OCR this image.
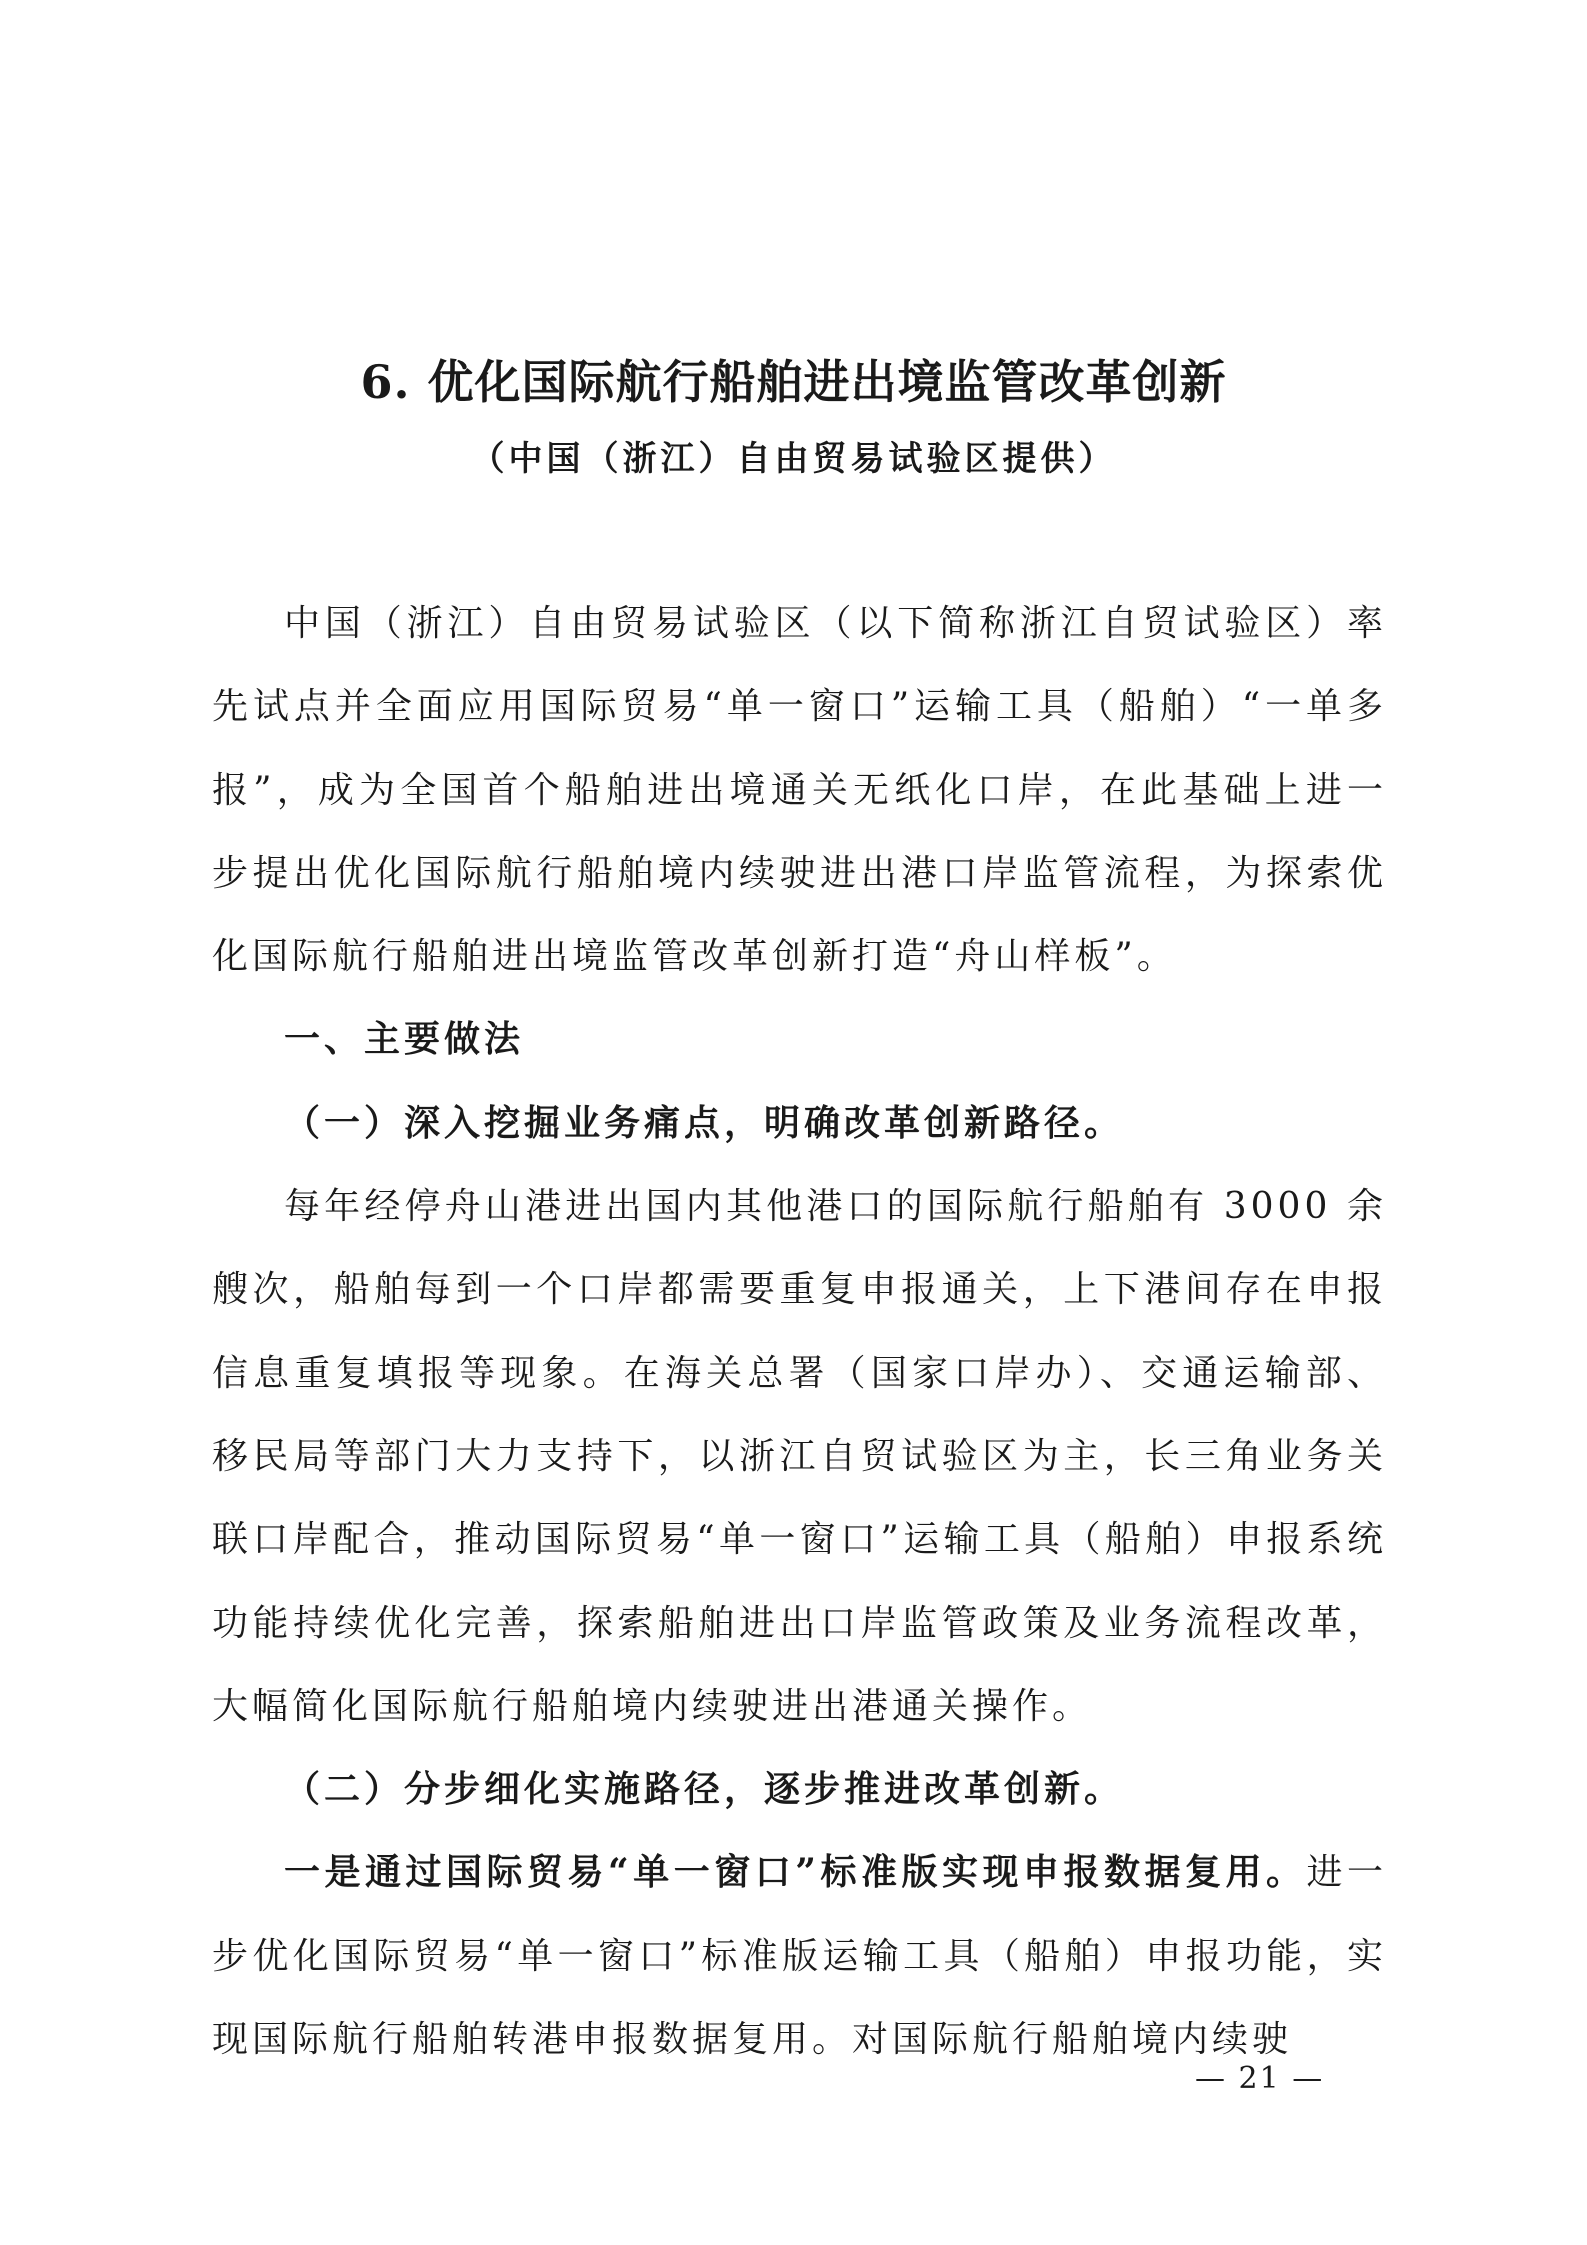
6. 优化国际航行船舶进出境监管改革创新
（中国（浙江）自由贸易试验区提供）

中国（浙江）自由贸易试验区（以下简称浙江自贸试验区）率先试点并全面应用国际贸易“单一窗口”运输工具（船舶）“一单多报”，成为全国首个船舶进出境通关无纸化口岸，在此基础上进一步提出优化国际航行船舶境内续驶进出港口岸监管流程，为探索优化国际航行船舶进出境监管改革创新打造“舟山样板”。

一、主要做法

（一）深入挖掘业务痛点，明确改革创新路径。

每年经停舟山港进出国内其他港口的国际航行船舶有 3000 余艘次，船舶每到一个口岸都需要重复申报通关，上下港间存在申报信息重复填报等现象。在海关总署（国家口岸办）、交通运输部、移民局等部门大力支持下，以浙江自贸试验区为主，长三角业务关联口岸配合，推动国际贸易“单一窗口”运输工具（船舶）申报系统功能持续优化完善，探索船舶进出口岸监管政策及业务流程改革，大幅简化国际航行船舶境内续驶进出港通关操作。

（二）分步细化实施路径，逐步推进改革创新。

一是通过国际贸易“单一窗口”标准版实现申报数据复用。进一步优化国际贸易“单一窗口”标准版运输工具（船舶）申报功能，实现国际航行船舶转港申报数据复用。对国际航行船舶境内续驶

— 21 —
